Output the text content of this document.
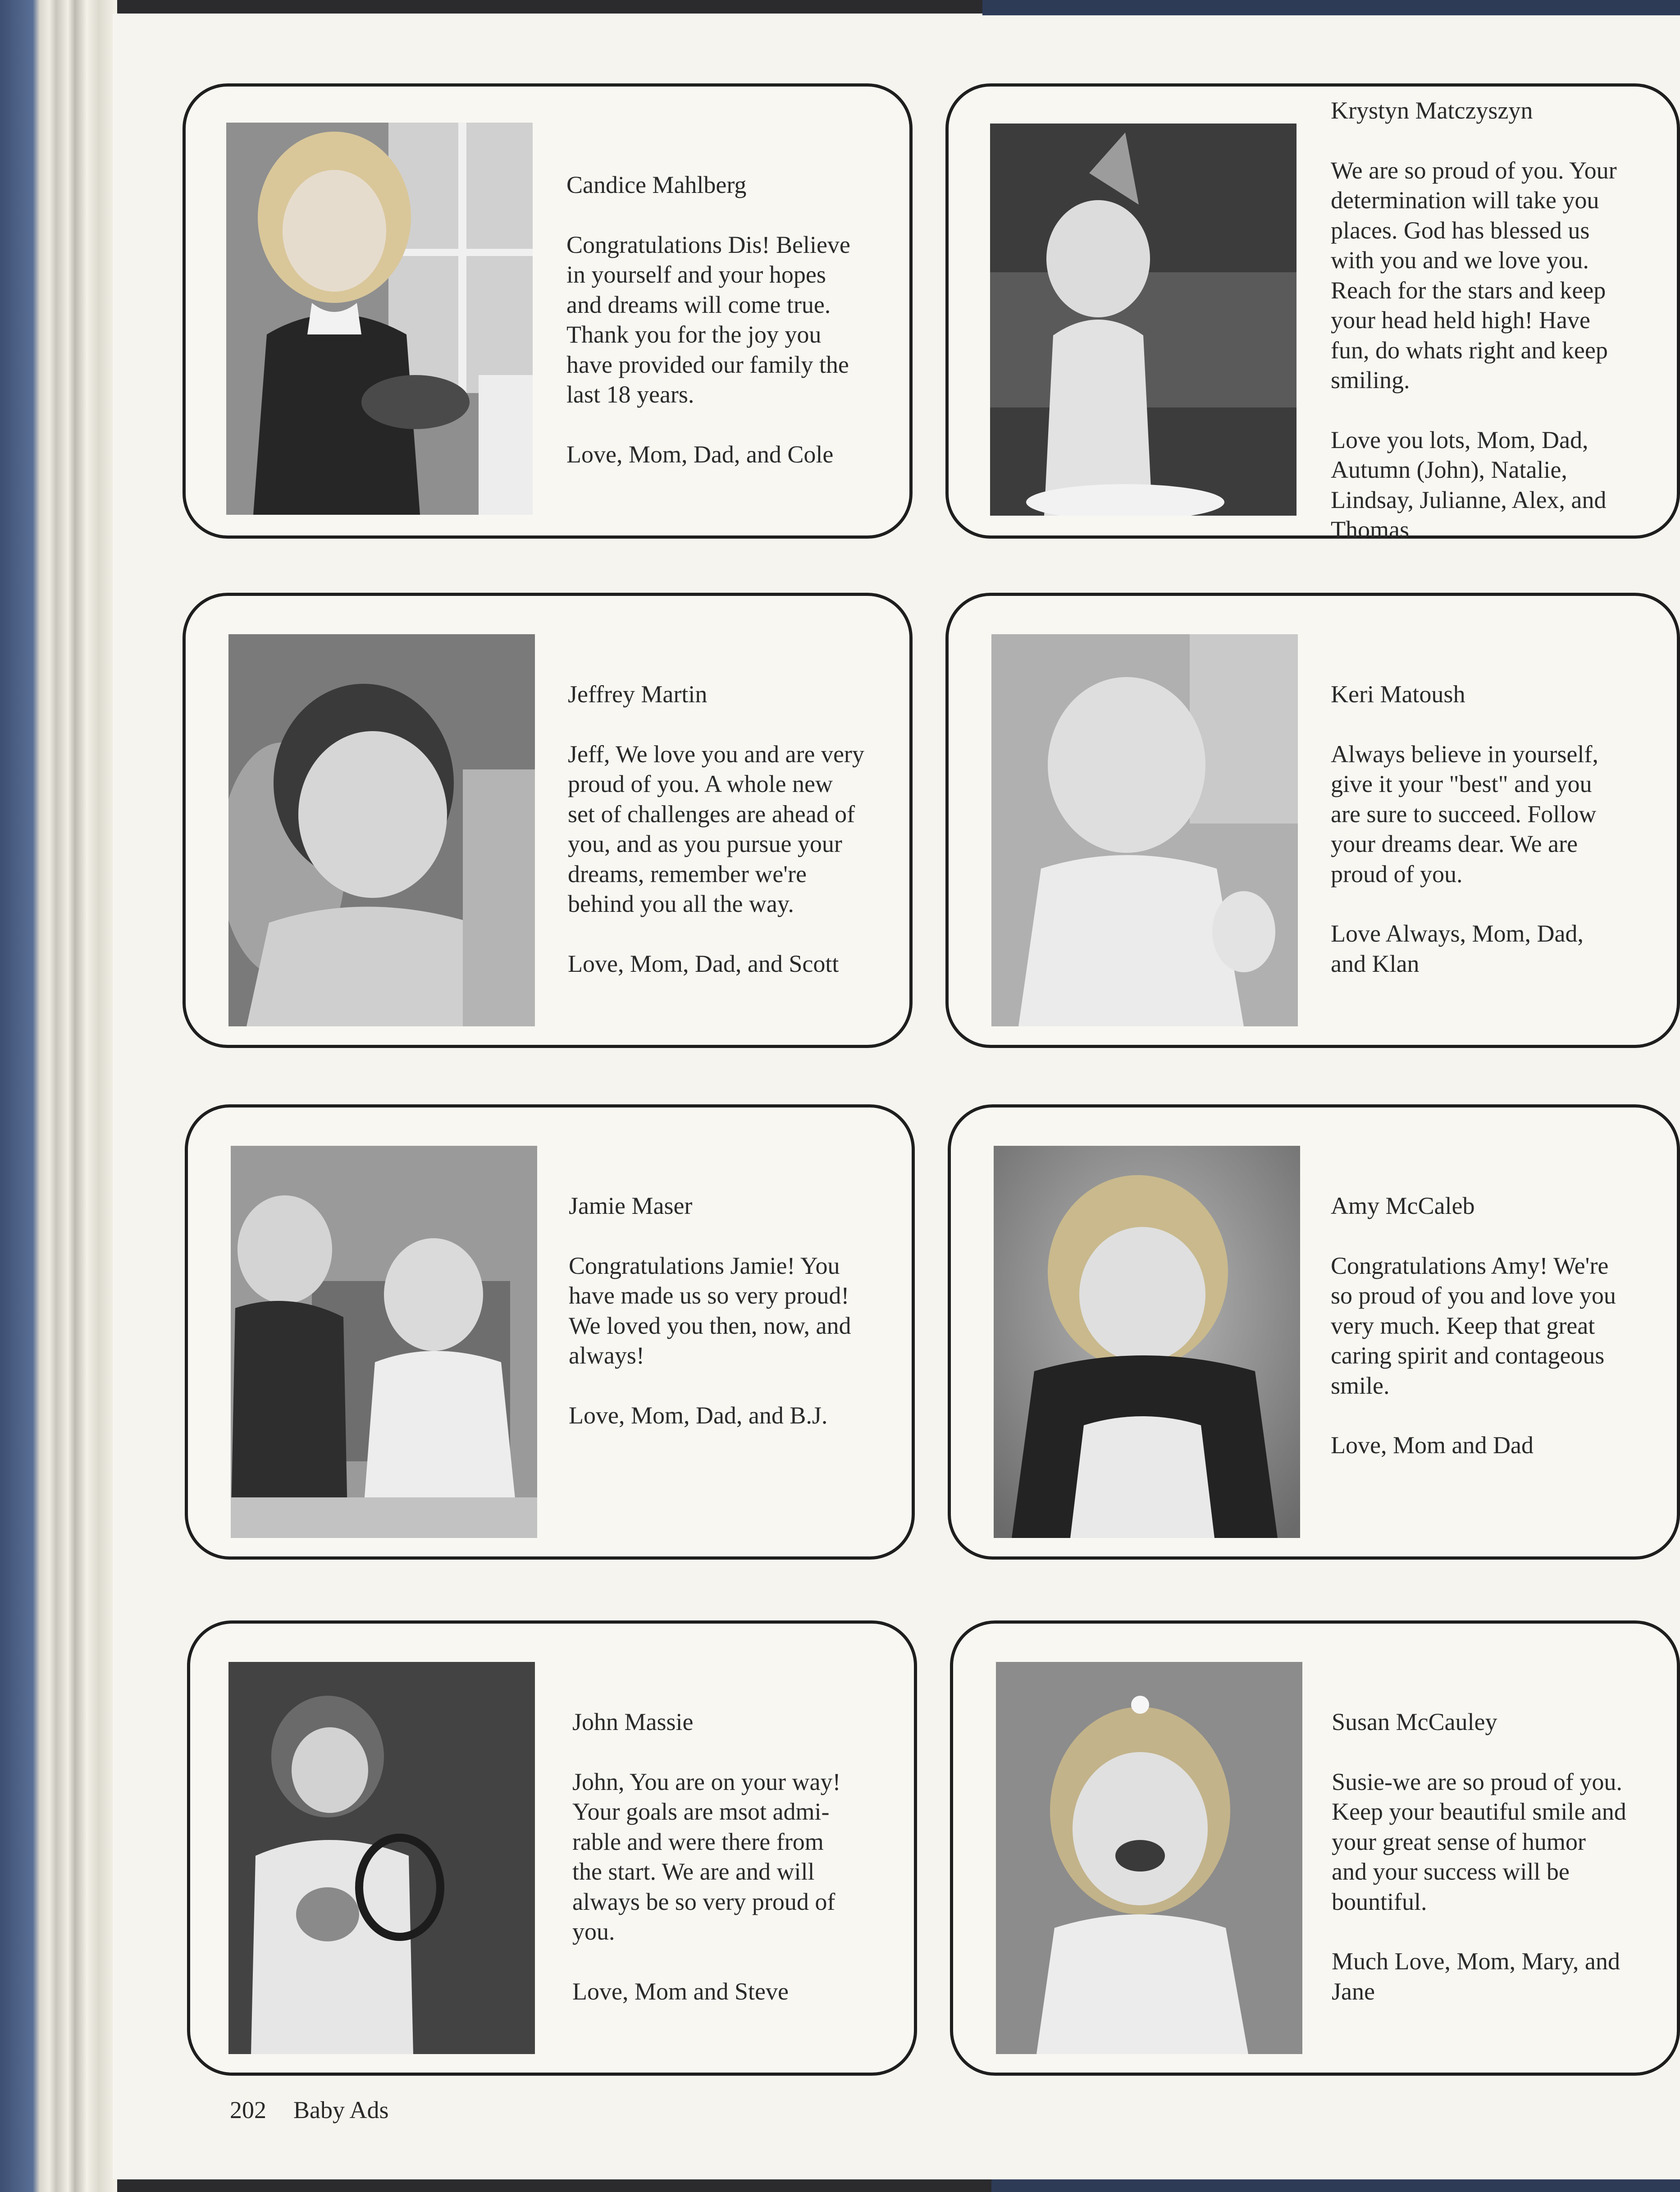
Candice Mahlberg

Congratulations Dis! Believe

in yourself and your hopes

and dreams will come true.

Thank you for the joy you

have provided our family the

last 18 years.

Love, Mom, Dad, and Cole

Krystyn Matczyszyn

We are so proud of you. Your

determination will take you

places. God has blessed us

with you and we love you.

Reach for the stars and keep

your head held high! Have

fun, do whats right and keep

smiling.

Love you lots, Mom, Dad,

Autumn (John), Natalie,

Lindsay, Julianne, Alex, and

Thomas

Jeffrey Martin

Jeff, We love you and are very

proud of you. A whole new

set of challenges are ahead of

you, and as you pursue your

dreams, remember we're

behind you all the way.

Love, Mom, Dad, and Scott

Keri Matoush

Always believe in yourself,

give it your "best" and you

are sure to succeed. Follow

your dreams dear. We are

proud of you.

Love Always, Mom, Dad,

and Klan

Jamie Maser

Congratulations Jamie! You

have made us so very proud!

We loved you then, now, and

always!

Love, Mom, Dad, and B.J.

Amy McCaleb

Congratulations Amy! We're

so proud of you and love you

very much. Keep that great

caring spirit and contageous

smile.

Love, Mom and Dad

John Massie

John, You are on your way!

Your goals are msot admi-

rable and were there from

the start. We are and will

always be so very proud of

you.

Love, Mom and Steve

Susan McCauley

Susie-we are so proud of you.

Keep your beautiful smile and

your great sense of humor

and your success will be

bountiful.

Much Love, Mom, Mary, and

Jane

202 Baby Ads
